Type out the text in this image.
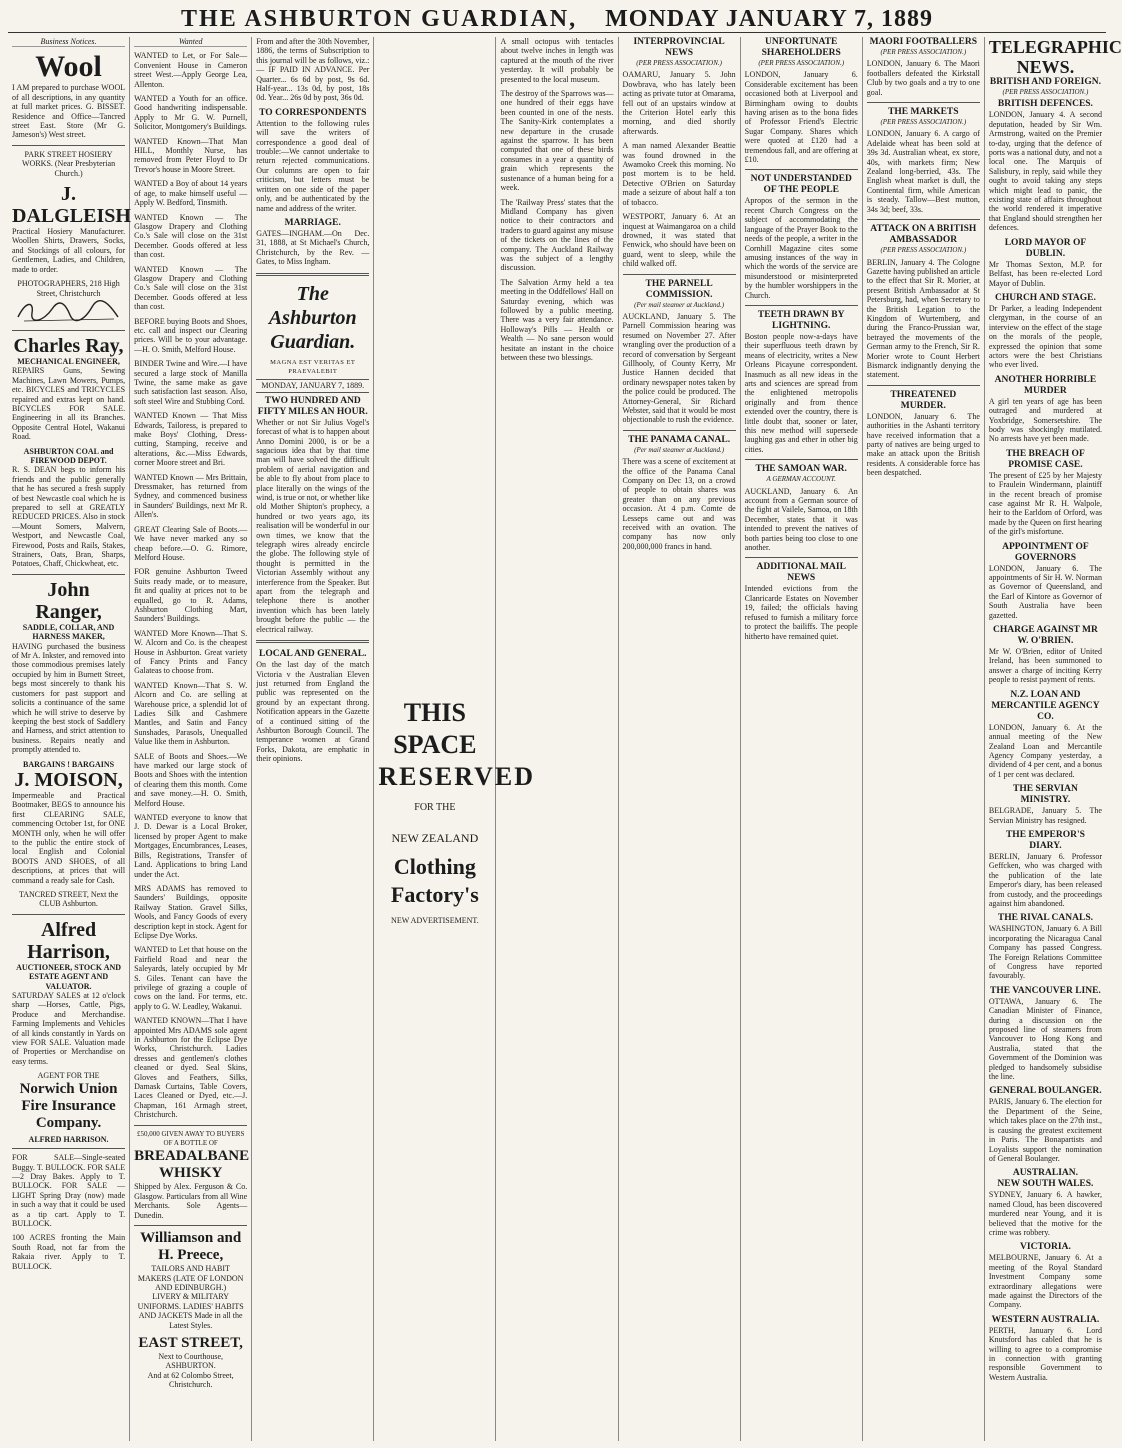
THE ASHBURTON GUARDIAN, MONDAY JANUARY 7, 1889
Business Notices.
Wool
I AM prepared to purchase WOOL of all descriptions, in any quantity at full market prices. G. BISSET. Residence and Office—Tancred street East. Store (Mr G. Jameson's) West street.
PARK STREET HOSIERY WORKS. (Near Presbyterian Church.)
J. DALGLEISH
Practical Hosiery Manufacturer. Woollen Shirts, Drawers, Socks, and Stockings of all colours, for Gentlemen, Ladies, and Children, made to order.
PHOTOGRAPHERS, 218 High Street, Christchurch
Charles Ray,
MECHANICAL ENGINEER,
REPAIRS Guns, Sewing Machines, Lawn Mowers, Pumps, etc. BICYCLES and TRICYCLES repaired and extras kept on hand. BICYCLES FOR SALE. Engineering in all its Branches. Opposite Central Hotel, Wakanui Road.
ASHBURTON COAL and FIREWOOD DEPOT.
R. S. DEAN begs to inform his friends and the public generally that he has secured a fresh supply of best Newcastle coal which he is prepared to sell at GREATLY REDUCED PRICES. Also in stock—Mount Somers, Malvern, Westport, and Newcastle Coal, Firewood, Posts and Rails, Stakes, Strainers, Oats, Bran, Sharps, Potatoes, Chaff, Chickwheat, etc.
John Ranger,
SADDLE, COLLAR, AND HARNESS MAKER,
HAVING purchased the business of Mr A. Inkster, and removed into those commodious premises lately occupied by him in Burnett Street, begs most sincerely to thank his customers for past support and solicits a continuance of the same which he will strive to deserve by keeping the best stock of Saddlery and Harness, and strict attention to business. Repairs neatly and promptly attended to.
BARGAINS ! BARGAINS
J. MOISON,
Impermeable and Practical Bootmaker, BEGS to announce his first CLEARING SALE, commencing October 1st, for ONE MONTH only, when he will offer to the public the entire stock of local English and Colonial BOOTS AND SHOES, of all descriptions, at prices that will command a ready sale for Cash.
TANCRED STREET, Next the CLUB Ashburton.
Alfred Harrison,
AUCTIONEER, STOCK AND ESTATE AGENT AND VALUATOR.
SATURDAY SALES at 12 o'clock sharp —Horses, Cattle, Pigs, Produce and Merchandise. Farming Implements and Vehicles of all kinds constantly in Yards on view FOR SALE. Valuation made of Properties or Merchandise on easy terms.
AGENT FOR THE
Norwich Union Fire Insurance Company.
ALFRED HARRISON.
FOR SALE—Single-seated Buggy. T. BULLOCK. FOR SALE—2 Dray Bakes. Apply to T. BULLOCK. FOR SALE — LIGHT Spring Dray (now) made in such a way that it could be used as a tip cart. Apply to T. BULLOCK.
100 ACRES fronting the Main South Road, not far from the Rakaia river. Apply to T. BULLOCK.
Wanted
WANTED to Let, or For Sale—Convenient House in Cameron street West.—Apply George Lea, Allenton.
WANTED a Youth for an office. Good handwriting indispensable. Apply to Mr G. W. Purnell, Solicitor, Montgomery's Buildings.
WANTED Known—That Man HILL, Monthly Nurse, has removed from Peter Floyd to Dr Trevor's house in Moore Street.
WANTED a Boy of about 14 years of age, to make himself useful — Apply W. Bedford, Tinsmith.
WANTED Known — The Glasgow Drapery and Clothing Co.'s Sale will close on the 31st December. Goods offered at less than cost.
WANTED Known — The Glasgow Drapery and Clothing Co.'s Sale will close on the 31st December. Goods offered at less than cost.
BEFORE buying Boots and Shoes, etc. call and inspect our Clearing prices. Will be to your advantage.—H. O. Smith, Melford House.
BINDER Twine and Wire.—I have secured a large stock of Manilla Twine, the same make as gave such satisfaction last season. Also, soft steel Wire and Stubbing Cord.
WANTED Known — That Miss Edwards, Tailoress, is prepared to make Boys' Clothing, Dress-cutting, Stamping, receive and alterations, &c.—Miss Edwards, corner Moore street and Bri.
WANTED Known — Mrs Brittain, Dressmaker, has returned from Sydney, and commenced business in Saunders' Buildings, next Mr R. Allen's.
GREAT Clearing Sale of Boots.—We have never marked any so cheap before.—O. G. Rimore, Melford House.
FOR genuine Ashburton Tweed Suits ready made, or to measure, fit and quality at prices not to be equalled, go to R. Adams, Ashburton Clothing Mart, Saunders' Buildings.
WANTED More Known—That S. W. Alcorn and Co. is the cheapest House in Ashburton. Great variety of Fancy Prints and Fancy Galateas to choose from.
WANTED Known—That S. W. Alcorn and Co. are selling at Warehouse price, a splendid lot of Ladies Silk and Cashmere Mantles, and Satin and Fancy Sunshades, Parasols, Unequalled Value like them in Ashburton.
SALE of Boots and Shoes.—We have marked our large stock of Boots and Shoes with the intention of clearing them this month. Come and save money.—H. O. Smith, Melford House.
WANTED everyone to know that J. D. Dewar is a Local Broker, licensed by proper Agent to make Mortgages, Encumbrances, Leases, Bills, Registrations, Transfer of Land. Applications to bring Land under the Act.
MRS ADAMS has removed to Saunders' Buildings, opposite Railway Station. Gravel Silks, Wools, and Fancy Goods of every description kept in stock. Agent for Eclipse Dye Works.
WANTED to Let that house on the Fairfield Road and near the Saleyards, lately occupied by Mr S. Giles. Tenant can have the privilege of grazing a couple of cows on the land. For terms, etc. apply to G. W. Leadley, Wakanui.
WANTED KNOWN—That I have appointed Mrs ADAMS sole agent in Ashburton for the Eclipse Dye Works, Christchurch. Ladies dresses and gentlemen's clothes cleaned or dyed. Seal Skins, Gloves and Feathers, Silks, Damask Curtains, Table Covers, Laces Cleaned or Dyed, etc.—J. Chapman, 161 Armagh street, Christchurch.
£50,000 GIVEN AWAY TO BUYERS OF A BOTTLE OF
BREADALBANE WHISKY
Shipped by Alex. Ferguson & Co. Glasgow. Particulars from all Wine Merchants. Sole Agents—Dunedin.
Williamson and H. Preece,
TAILORS AND HABIT MAKERS (LATE OF LONDON AND EDINBURGH.)
LIVERY & MILITARY UNIFORMS. LADIES' HABITS AND JACKETS Made in all the Latest Styles.
EAST STREET,
Next to Courthouse, ASHBURTON.
And at 62 Colombo Street, Christchurch.
From and after the 30th November, 1886, the terms of Subscription to this journal will be as follows, viz.:— IF PAID IN ADVANCE. Per Quarter... 6s 6d by post, 9s 6d. Half-year... 13s 0d, by post, 18s 0d. Year... 26s 0d by post, 36s 0d.
TO CORRESPONDENTS
Attention to the following rules will save the writers of correspondence a good deal of trouble:—We cannot undertake to return rejected communications. Our columns are open to fair criticism, but letters must be written on one side of the paper only, and be authenticated by the name and address of the writer.
MARRIAGE.
GATES—INGHAM.—On Dec. 31, 1888, at St Michael's Church, Christchurch, by the Rev. — Gates, to Miss Ingham.
The Ashburton Guardian.
MAGNA EST VERITAS ET PRAEVALEBIT
MONDAY, JANUARY 7, 1889.
TWO HUNDRED AND FIFTY MILES AN HOUR.
Whether or not Sir Julius Vogel's forecast of what is to happen about Anno Domini 2000, is or be a sagacious idea that by that time man will have solved the difficult problem of aerial navigation and be able to fly about from place to place literally on the wings of the wind, is true or not, or whether like old Mother Shipton's prophecy, a hundred or two years ago, its realisation will be wonderful in our own times, we know that the telegraph wires already encircle the globe. The following style of thought is permitted in the Victorian Assembly without any interference from the Speaker. But apart from the telegraph and telephone there is another invention which has been lately brought before the public — the electrical railway.
LOCAL AND GENERAL.
On the last day of the match Victoria v the Australian Eleven just returned from England the public was represented on the ground by an expectant throng. Notification appears in the Gazette of a continued sitting of the Ashburton Borough Council. The temperance women at Grand Forks, Dakota, are emphatic in their opinions.
THIS SPACE
RESERVED
FOR THE
NEW ZEALAND
Clothing Factory's
NEW ADVERTISEMENT.
A small octopus with tentacles about twelve inches in length was captured at the mouth of the river yesterday. It will probably be presented to the local museum.
The destroy of the Sparrows was—one hundred of their eggs have been counted in one of the nests. The Sanity-Kirk contemplates a new departure in the crusade against the sparrow. It has been computed that one of these birds consumes in a year a quantity of grain which represents the sustenance of a human being for a week.
The 'Railway Press' states that the Midland Company has given notice to their contractors and traders to guard against any misuse of the tickets on the lines of the company. The Auckland Railway was the subject of a lengthy discussion.
The Salvation Army held a tea meeting in the Oddfellows' Hall on Saturday evening, which was followed by a public meeting. There was a very fair attendance. Holloway's Pills — Health or Wealth — No sane person would hesitate an instant in the choice between these two blessings.
INTERPROVINCIAL NEWS
(PER PRESS ASSOCIATION.)
OAMARU, January 5. John Dowbrava, who has lately been acting as private tutor at Omarama, fell out of an upstairs window at the Criterion Hotel early this morning, and died shortly afterwards.
A man named Alexander Beattie was found drowned in the Awamoko Creek this morning. No post mortem is to be held. Detective O'Brien on Saturday made a seizure of about half a ton of tobacco.
WESTPORT, January 6. At an inquest at Waimangaroa on a child drowned, it was stated that Fenwick, who should have been on guard, went to sleep, while the child walked off.
THE PARNELL COMMISSION.
(Per mail steamer at Auckland.)
AUCKLAND, January 5. The Parnell Commission hearing was resumed on November 27. After wrangling over the production of a record of conversation by Sergeant Gillhooly, of County Kerry, Mr Justice Hannen decided that ordinary newspaper notes taken by the police could be produced. The Attorney-General, Sir Richard Webster, said that it would be most objectionable to rush the evidence.
THE PANAMA CANAL.
(Per mail steamer at Auckland.)
There was a scene of excitement at the office of the Panama Canal Company on Dec 13, on a crowd of people to obtain shares was greater than on any previous occasion. At 4 p.m. Comte de Lesseps came out and was received with an ovation. The company has now only 200,000,000 francs in hand.
UNFORTUNATE SHAREHOLDERS
(PER PRESS ASSOCIATION.)
LONDON, January 6. Considerable excitement has been occasioned both at Liverpool and Birmingham owing to doubts having arisen as to the bona fides of Professor Friend's Electric Sugar Company. Shares which were quoted at £120 had a tremendous fall, and are offering at £10.
NOT UNDERSTANDED OF THE PEOPLE
Apropos of the sermon in the recent Church Congress on the subject of accommodating the language of the Prayer Book to the needs of the people, a writer in the Cornhill Magazine cites some amusing instances of the way in which the words of the service are misunderstood or misinterpreted by the humbler worshippers in the Church.
TEETH DRAWN BY LIGHTNING.
Boston people now-a-days have their superfluous teeth drawn by means of electricity, writes a New Orleans Picayune correspondent. Inasmuch as all new ideas in the arts and sciences are spread from the enlightened metropolis originally and from thence extended over the country, there is little doubt that, sooner or later, this new method will supersede laughing gas and ether in other big cities.
THE SAMOAN WAR.
A GERMAN ACCOUNT.
AUCKLAND, January 6. An account from a German source of the fight at Vailele, Samoa, on 18th December, states that it was intended to prevent the natives of both parties being too close to one another.
ADDITIONAL MAIL NEWS
Intended evictions from the Clanricarde Estates on November 19, failed; the officials having refused to furnish a military force to protect the bailiffs. The people hitherto have remained quiet.
MAORI FOOTBALLERS
(PER PRESS ASSOCIATION.)
LONDON, January 6. The Maori footballers defeated the Kirkstall Club by two goals and a try to one goal.
THE MARKETS
(PER PRESS ASSOCIATION.)
LONDON, January 6. A cargo of Adelaide wheat has been sold at 39s 3d. Australian wheat, ex store, 40s, with markets firm; New Zealand long-berried, 43s. The English wheat market is dull, the Continental firm, while American is steady. Tallow—Best mutton, 34s 3d; beef, 33s.
ATTACK ON A BRITISH AMBASSADOR
(PER PRESS ASSOCIATION.)
BERLIN, January 4. The Cologne Gazette having published an article to the effect that Sir R. Morier, at present British Ambassador at St Petersburg, had, when Secretary to the British Legation to the Kingdom of Wurtemberg, and during the Franco-Prussian war, betrayed the movements of the German army to the French, Sir R. Morier wrote to Count Herbert Bismarck indignantly denying the statement.
THREATENED MURDER.
LONDON, January 6. The authorities in the Ashanti territory have received information that a party of natives are being urged to make an attack upon the British residents. A considerable force has been despatched.
TELEGRAPHIC NEWS.
BRITISH AND FOREIGN.
(PER PRESS ASSOCIATION.)
BRITISH DEFENCES.
LONDON, January 4. A second deputation, headed by Sir Wm. Armstrong, waited on the Premier to-day, urging that the defence of ports was a national duty, and not a local one. The Marquis of Salisbury, in reply, said while they ought to avoid taking any steps which might lead to panic, the existing state of affairs throughout the world rendered it imperative that England should strengthen her defences.
LORD MAYOR OF DUBLIN.
Mr Thomas Sexton, M.P. for Belfast, has been re-elected Lord Mayor of Dublin.
CHURCH AND STAGE.
Dr Parker, a leading Independent clergyman, in the course of an interview on the effect of the stage on the morals of the people, expressed the opinion that some actors were the best Christians who ever lived.
ANOTHER HORRIBLE MURDER
A girl ten years of age has been outraged and murdered at Yoxbridge, Somersetshire. The body was shockingly mutilated. No arrests have yet been made.
THE BREACH OF PROMISE CASE.
The present of £25 by her Majesty to Fraulein Windermann, plaintiff in the recent breach of promise case against Mr R. H. Walpole, heir to the Earldom of Orford, was made by the Queen on first hearing of the girl's misfortune.
APPOINTMENT OF GOVERNORS
LONDON, January 6. The appointments of Sir H. W. Norman as Governor of Queensland, and the Earl of Kintore as Governor of South Australia have been gazetted.
CHARGE AGAINST MR W. O'BRIEN.
Mr W. O'Brien, editor of United Ireland, has been summoned to answer a charge of inciting Kerry people to resist payment of rents.
N.Z. LOAN AND MERCANTILE AGENCY CO.
LONDON, January 6. At the annual meeting of the New Zealand Loan and Mercantile Agency Company yesterday, a dividend of 4 per cent, and a bonus of 1 per cent was declared.
THE SERVIAN MINISTRY.
BELGRADE, January 5. The Servian Ministry has resigned.
THE EMPEROR'S DIARY.
BERLIN, January 6. Professor Geffcken, who was charged with the publication of the late Emperor's diary, has been released from custody, and the proceedings against him abandoned.
THE RIVAL CANALS.
WASHINGTON, January 6. A Bill incorporating the Nicaragua Canal Company has passed Congress. The Foreign Relations Committee of Congress have reported favourably.
THE VANCOUVER LINE.
OTTAWA, January 6. The Canadian Minister of Finance, during a discussion on the proposed line of steamers from Vancouver to Hong Kong and Australia, stated that the Government of the Dominion was pledged to handsomely subsidise the line.
GENERAL BOULANGER.
PARIS, January 6. The election for the Department of the Seine, which takes place on the 27th inst., is causing the greatest excitement in Paris. The Bonapartists and Loyalists support the nomination of General Boulanger.
AUSTRALIAN.
NEW SOUTH WALES.
SYDNEY, January 6. A hawker, named Cloud, has been discovered murdered near Young, and it is believed that the motive for the crime was robbery.
VICTORIA.
MELBOURNE, January 6. At a meeting of the Royal Standard Investment Company some extraordinary allegations were made against the Directors of the Company.
WESTERN AUSTRALIA.
PERTH, January 6. Lord Knutsford has cabled that he is willing to agree to a compromise in connection with granting responsible Government to Western Australia.
